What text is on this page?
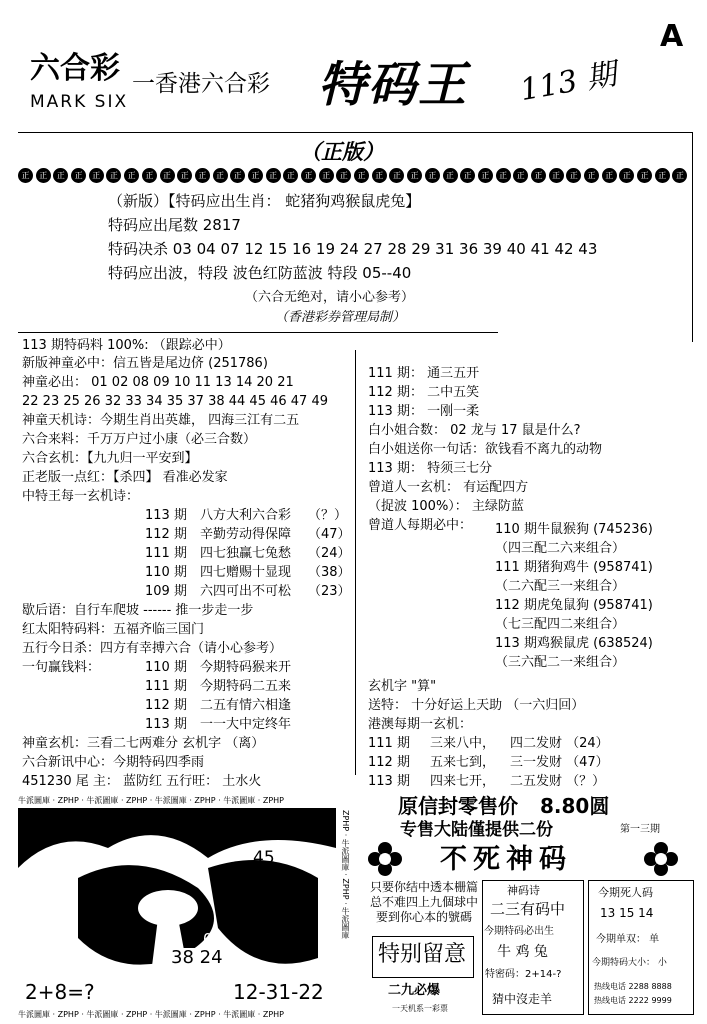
A
六合彩
MARK SIX
一香港六合彩 特码王 113 期
（正版）
正	正	正	正	正	正	正	正	正	正	正	正	正	正	正	正	正	正	正	正	正	正	正	正	正	正	正	正	正	正	正	正	正	正	正	正	正	正
（新版）【特码应出生肖： 蛇猪狗鸡猴鼠虎兔】
特码应出尾数 2817
特码决杀 03 04 07 12 15 16 19 24 27 28 29 31 36 39 40 41 42 43
特码应出波，特段 波色红防蓝波 特段 05--40
（六合无绝对，请小心参考）
（香港彩券管理局制）
113 期特码料 100%: （跟踪必中）
新版神童必中：信五皆是尾边侪 (251786)
神童必出： 01 02 08 09 10 11 13 14 20 21
22 23 25 26 32 33 34 35 37 38 44 45 46 47 49
神童天机诗：今期生肖出英雄， 四海三江有二五
六合来料：千万万户过小康（必三合数）
六合玄机：【九九归一平安到】
正老版一点红：【杀四】 看准必发家
中特王每一玄机诗：
113 期 八方大利六合彩 （？）
112 期 辛勤劳动得保障 （47）
111 期 四七独赢七兔愁 （24）
110 期 四七赠赐十显现 （38）
109 期 六四可出不可松 （23）
歇后语：自行车爬坡 ------ 推一步走一步
红太阳特码料：五福齐临三国门
五行今日杀：四方有幸搏六合（请小心参考）
一句赢钱料：	110 期 今期特码猴来开
111 期 今期特码二五来
112 期 二五有情六相逢
113 期 一一大中定终年
神童玄机：三看二七两难分 玄机字 （离）
六合新讯中心：今期特码四季雨
451230 尾 主： 蓝防红 五行旺： 土水火
111 期： 通三五开
112 期： 二中五笑
113 期： 一刚一柔
白小姐合数： 02 龙与 17 鼠是什么?
白小姐送你一句话：欲钱看不离九的动物
113 期： 特须三七分
曾道人一玄机： 有运配四方
（捉波 100%）： 主绿防蓝
曾道人每期必中： 110 期牛鼠猴狗 (745236)
（四三配二六来组合）
111 期猪狗鸡牛 (958741)
（二六配三一来组合）
112 期虎兔鼠狗 (958741)
（七三配四二来组合）
113 期鸡猴鼠虎 (638524)
（三六配二一来组合）
玄机字 "算"
送特： 十分好运上天助 （一六归回）
港澳每期一玄机：
111 期 三来八中， 四二发财 （24）
112 期 五来七到， 三一发财 （47）
113 期 四来七开， 二五发财 （？）
牛派圖庫 · ZPHP · 牛派圖庫 · ZPHP · 牛派圖庫 · ZPHP · 牛派圖庫 · ZPHP
45
28
01
38 24
2+8=?	12-31-22
牛派圖庫 · ZPHP · 牛派圖庫 · ZPHP · 牛派圖庫 · ZPHP · 牛派圖庫 · ZPHP
ZPHP · 牛派圖庫 · ZPHP · 牛派圖庫
原信封零售价 8.80圆
专售大陆僅提供二份	第一三期
不死神码
只要你结中透本栅篇总不难四上九個球中要到你心本的號碼
特别留意
二九必爆
一天机系一彩票
神码诗
二三有码中
今期特码必出生
牛 鸡 兔
特密码：2+14-?
猜中沒走羊
今期死人码
13 15 14
今期单双： 单
今期特码大小： 小
热线电话 2288 8888
热线电话 2222 9999
